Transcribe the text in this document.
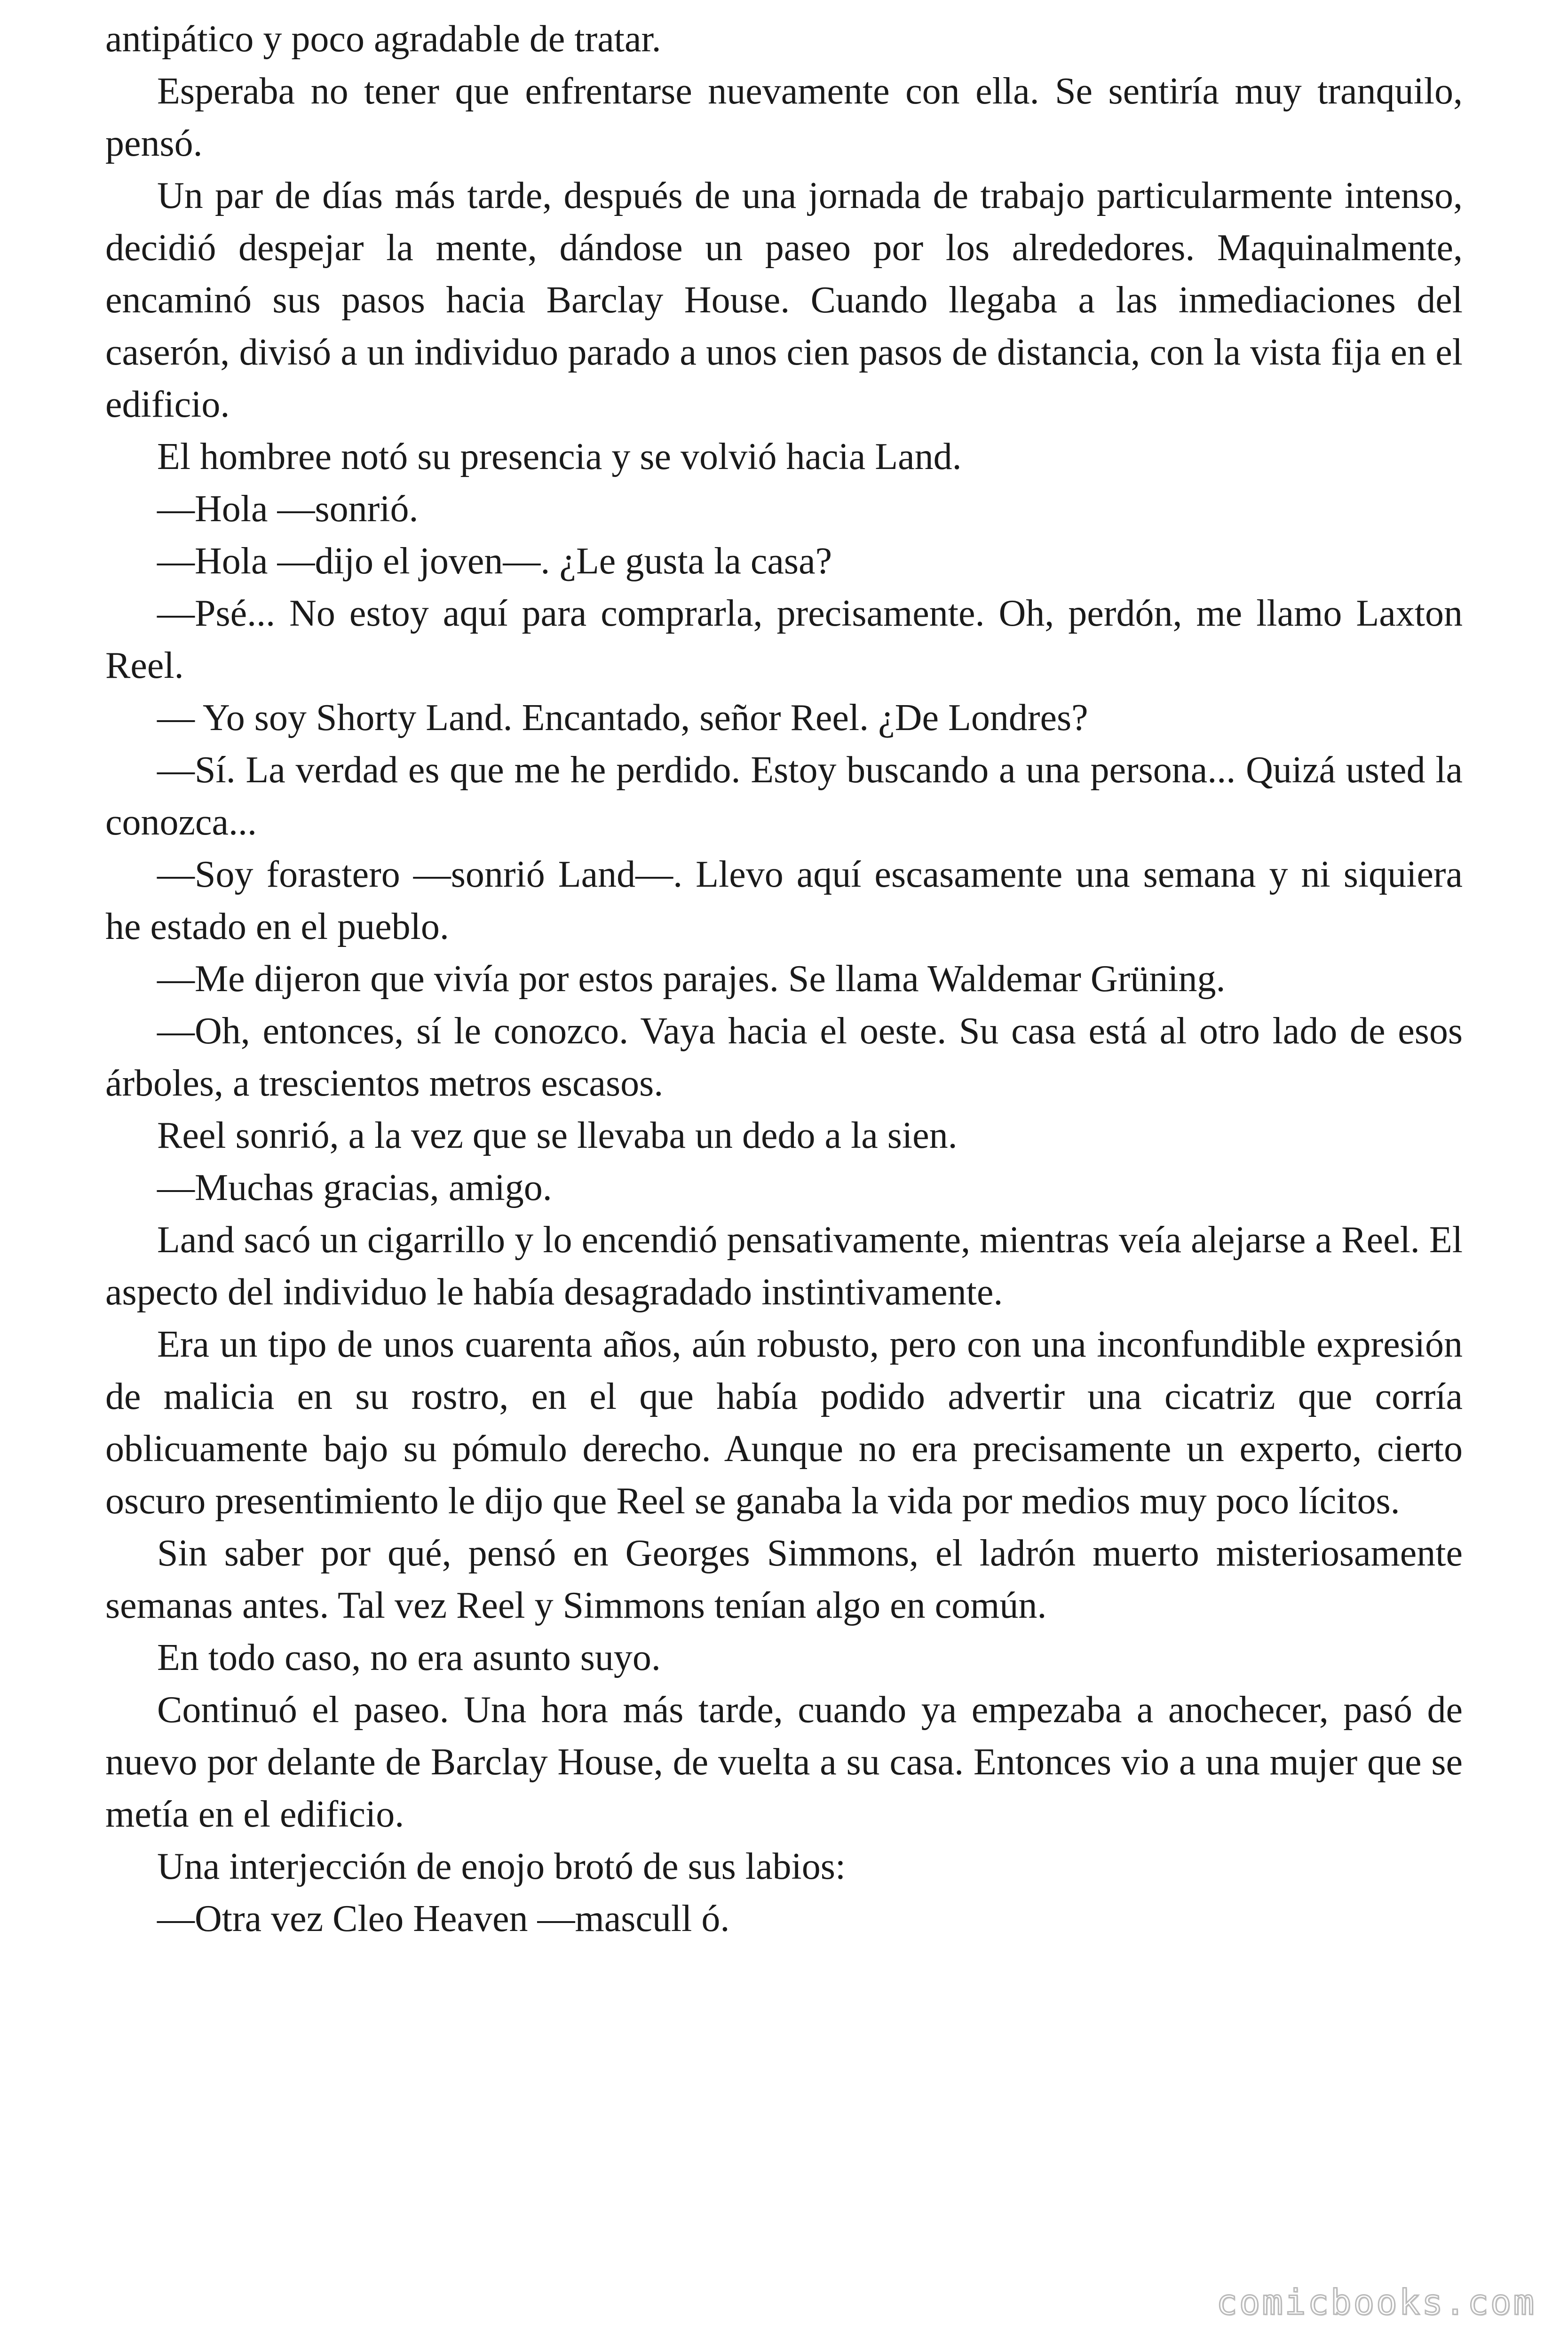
antipático y poco agradable de tratar.

Esperaba no tener que enfrentarse nuevamente con ella. Se sentiría muy tranquilo, pensó.

Un par de días más tarde, después de una jornada de trabajo particularmente intenso, decidió despejar la mente, dándose un paseo por los alrededores. Maquinalmente, encaminó sus pasos hacia Barclay House. Cuando llegaba a las inmediaciones del caserón, divisó a un individuo parado a unos cien pasos de distancia, con la vista fija en el edificio.

El hombree notó su presencia y se volvió hacia Land.

—Hola —sonrió.

—Hola —dijo el joven—. ¿Le gusta la casa?

—Psé... No estoy aquí para comprarla, precisamente. Oh, perdón, me llamo Laxton Reel.

— Yo soy Shorty Land. Encantado, señor Reel. ¿De Londres?

—Sí. La verdad es que me he perdido. Estoy buscando a una persona... Quizá usted la conozca...

—Soy forastero —sonrió Land—. Llevo aquí escasamente una semana y ni siquiera he estado en el pueblo.

—Me dijeron que vivía por estos parajes. Se llama Waldemar Grüning.

—Oh, entonces, sí le conozco. Vaya hacia el oeste. Su casa está al otro lado de esos árboles, a trescientos metros escasos.

Reel sonrió, a la vez que se llevaba un dedo a la sien.

—Muchas gracias, amigo.

Land sacó un cigarrillo y lo encendió pensativamente, mientras veía alejarse a Reel. El aspecto del individuo le había desagradado instintivamente.

Era un tipo de unos cuarenta años, aún robusto, pero con una inconfundible expresión de malicia en su rostro, en el que había podido advertir una cicatriz que corría oblicuamente bajo su pómulo derecho. Aunque no era precisamente un experto, cierto oscuro presentimiento le dijo que Reel se ganaba la vida por medios muy poco lícitos.

Sin saber por qué, pensó en Georges Simmons, el ladrón muerto misteriosamente semanas antes. Tal vez Reel y Simmons tenían algo en común.

En todo caso, no era asunto suyo.

Continuó el paseo. Una hora más tarde, cuando ya empezaba a anochecer, pasó de nuevo por delante de Barclay House, de vuelta a su casa. Entonces vio a una mujer que se metía en el edificio.

Una interjección de enojo brotó de sus labios:

—Otra vez Cleo Heaven —mascull ó.

comicbooks.com
